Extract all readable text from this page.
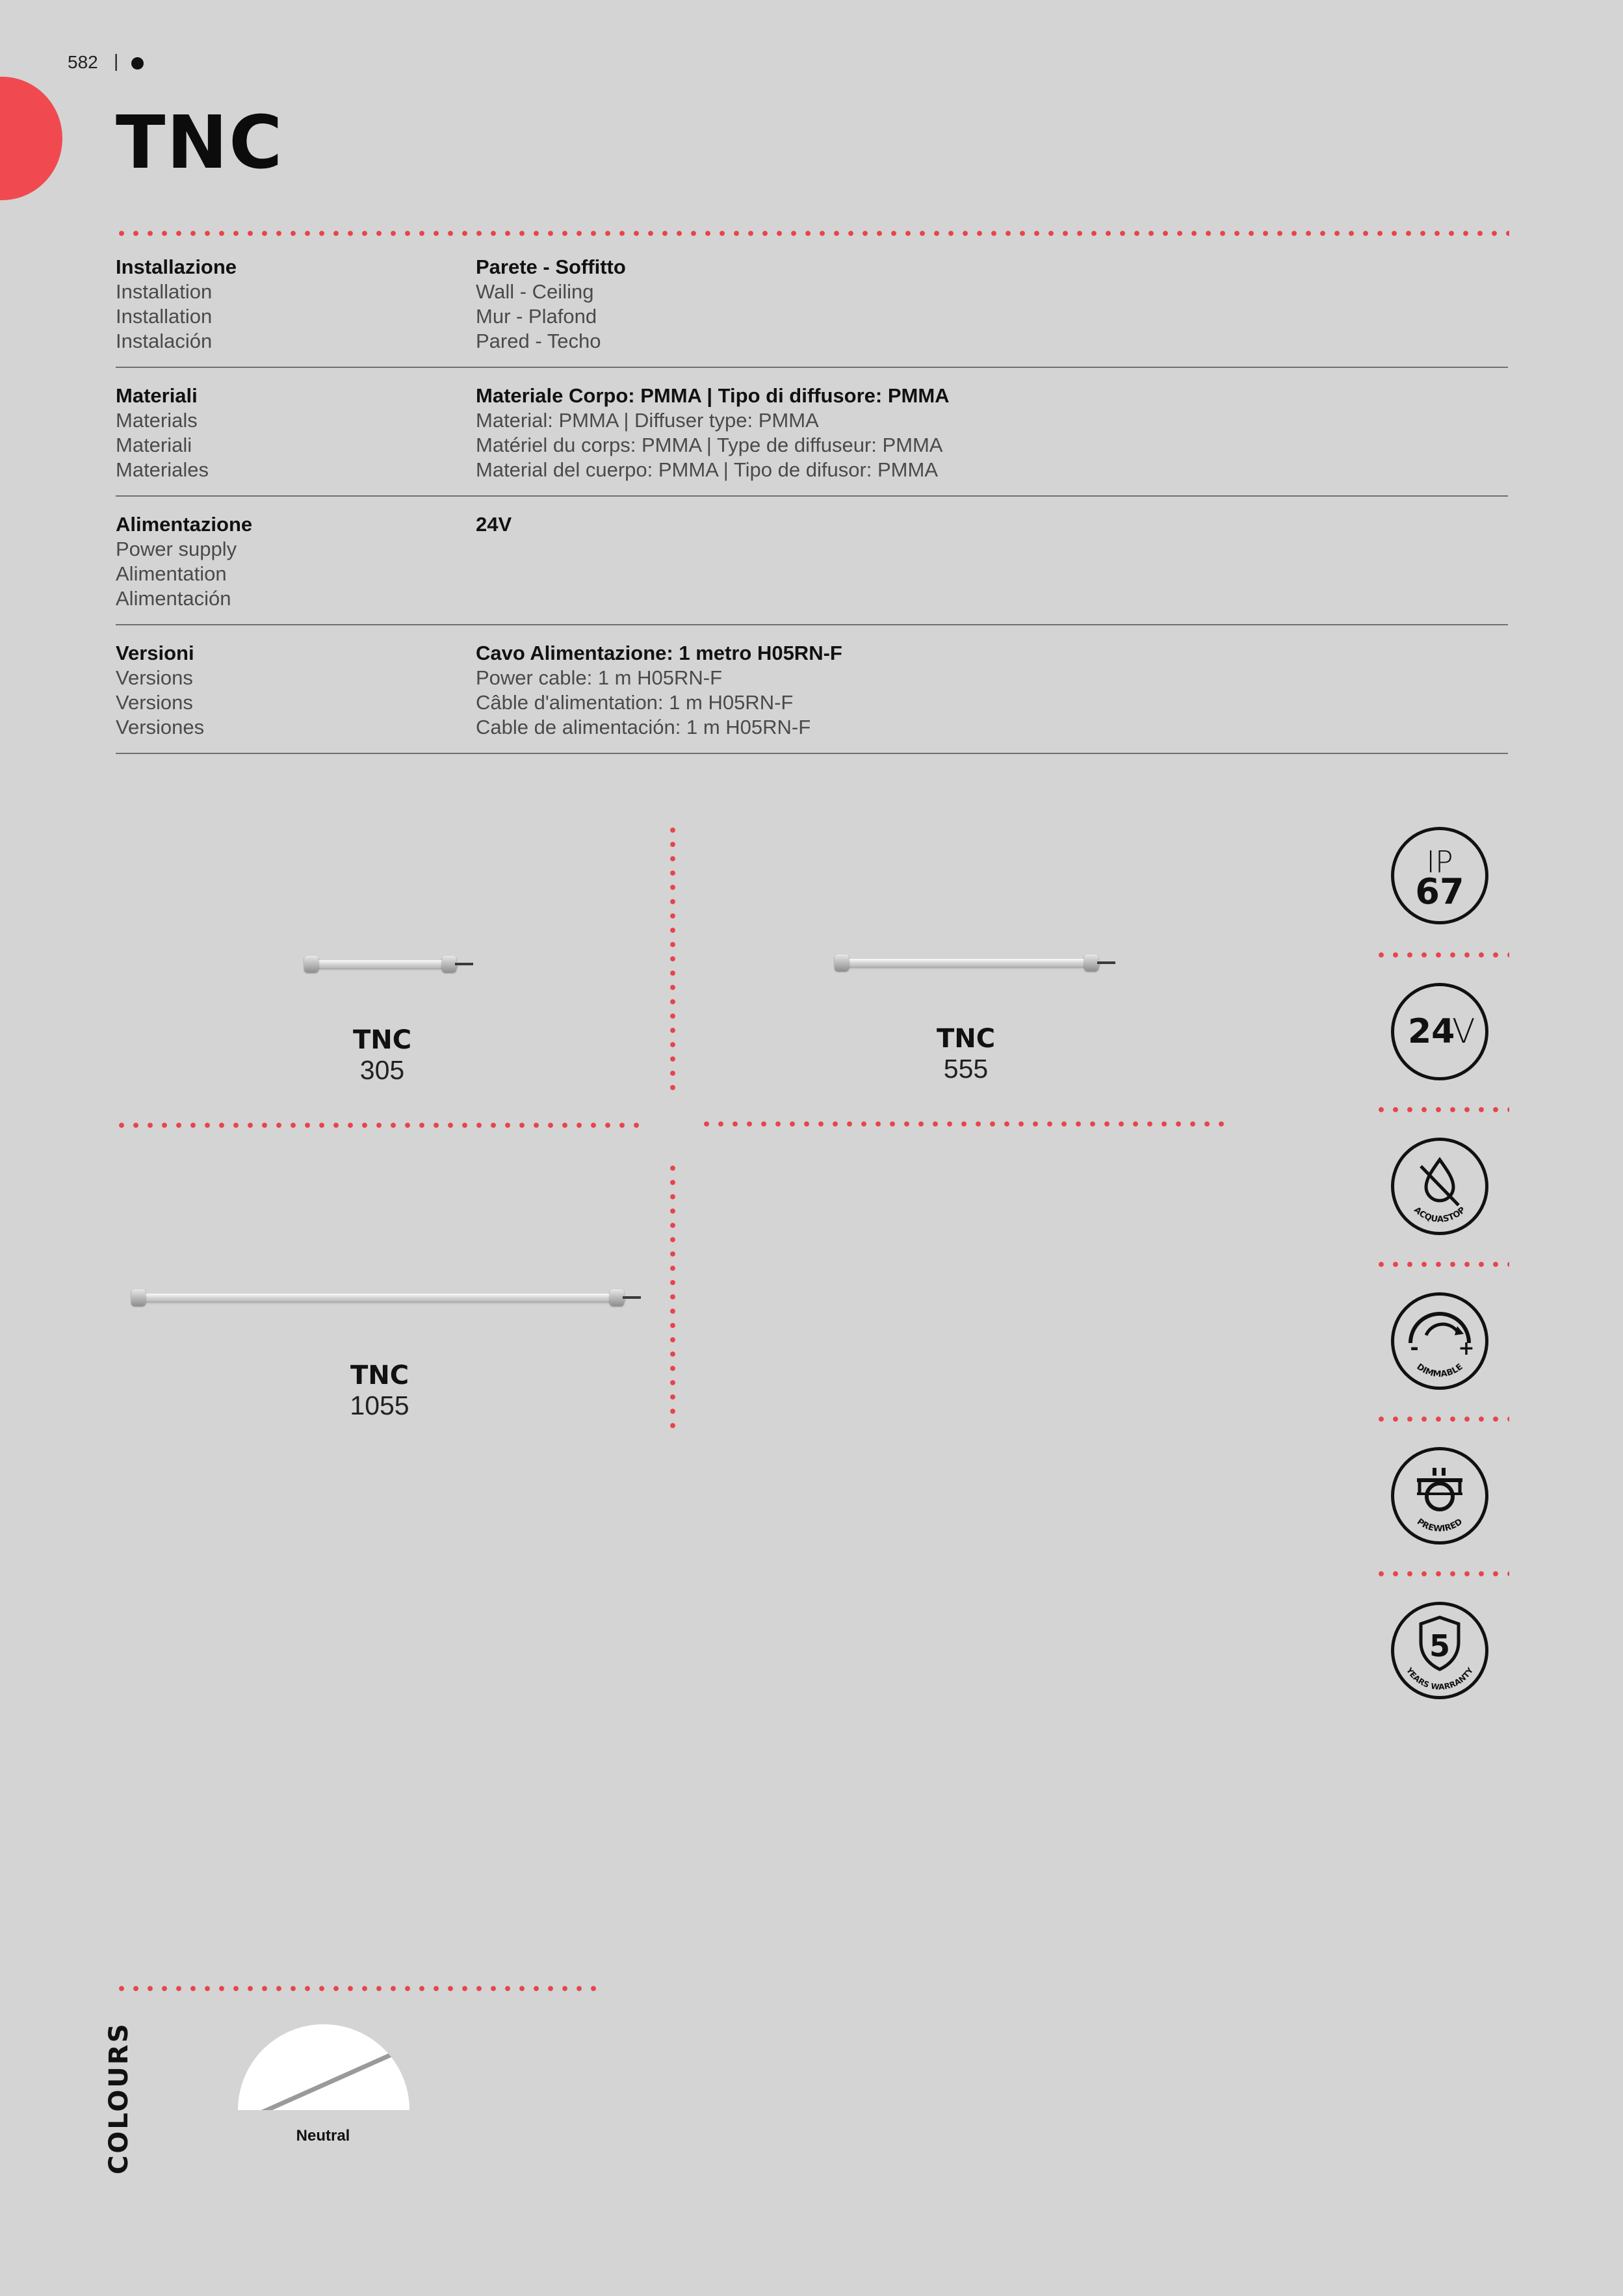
582 |
TNC
Installazione
Installation
Installation
Instalación
Parete - Soffitto
Wall - Ceiling
Mur - Plafond
Pared - Techo
Materiali
Materials
Materiali
Materiales
Materiale Corpo: PMMA | Tipo di diffusore: PMMA
Material: PMMA | Diffuser type: PMMA
Matériel du corps: PMMA | Type de diffuseur: PMMA
Material del cuerpo: PMMA | Tipo de difusor: PMMA
Alimentazione
Power supply
Alimentation
Alimentación
24V
Versioni
Versions
Versions
Versiones
Cavo Alimentazione: 1 metro H05RN-F
Power cable: 1 m H05RN-F
Câble d'alimentation: 1 m H05RN-F
Cable de alimentación: 1 m H05RN-F
TNC
305
TNC
555
TNC
1055
IP
67
24
V
ACQUASTOP
- +
DIMMABLE
PREWIRED
5
YEARS WARRANTY
COLOURS	Neutral
